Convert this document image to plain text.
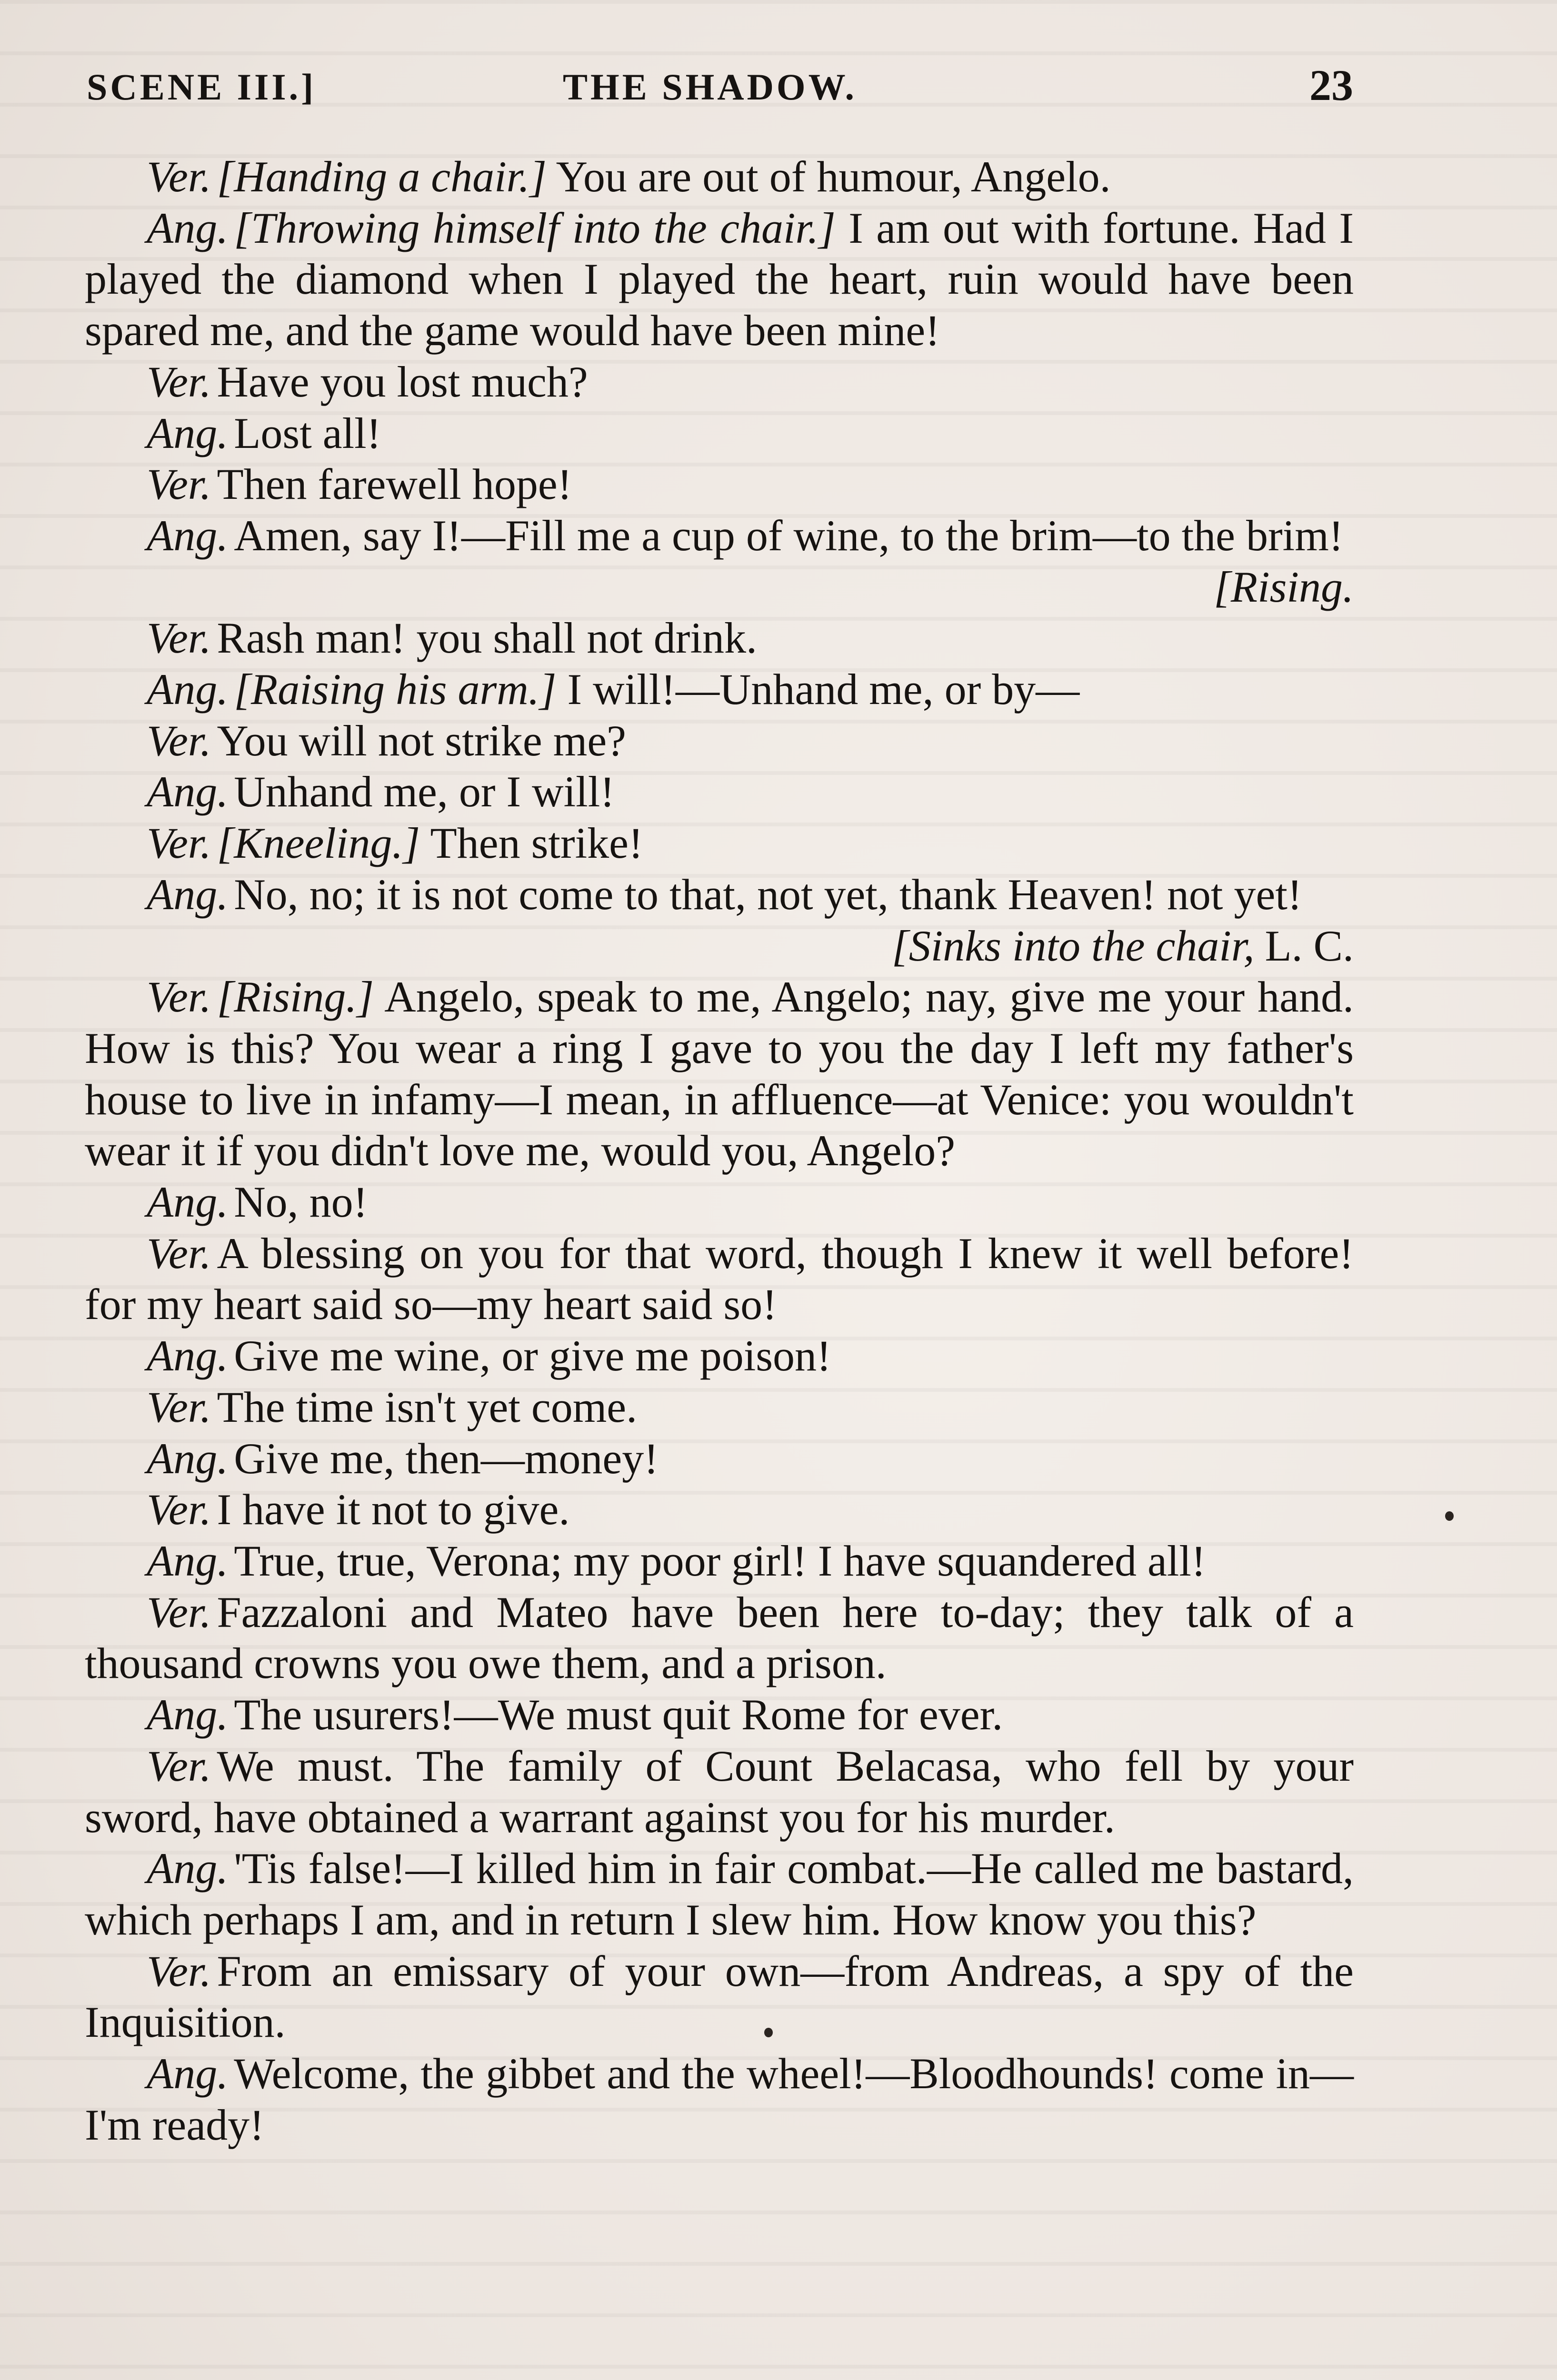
SCENE III.]	THE SHADOW.	23

Ver. [Handing a chair.] You are out of humour, Angelo.

Ang. [Throwing himself into the chair.] I am out with fortune. Had I played the diamond when I played the heart, ruin would have been spared me, and the game would have been mine!

Ver. Have you lost much?

Ang. Lost all!

Ver. Then farewell hope!

Ang. Amen, say I!—Fill me a cup of wine, to the brim—to the brim!
[Rising.

Ver. Rash man! you shall not drink.

Ang. [Raising his arm.] I will!—Unhand me, or by—

Ver. You will not strike me?

Ang. Unhand me, or I will!

Ver. [Kneeling.] Then strike!

Ang. No, no; it is not come to that, not yet, thank Heaven! not yet!
[Sinks into the chair, L. C.

Ver. [Rising.] Angelo, speak to me, Angelo; nay, give me your hand. How is this? You wear a ring I gave to you the day I left my father's house to live in infamy—I mean, in affluence—at Venice: you wouldn't wear it if you didn't love me, would you, Angelo?

Ang. No, no!

Ver. A blessing on you for that word, though I knew it well before! for my heart said so—my heart said so!

Ang. Give me wine, or give me poison!

Ver. The time isn't yet come.

Ang. Give me, then—money!

Ver. I have it not to give.

Ang. True, true, Verona; my poor girl! I have squandered all!

Ver. Fazzaloni and Mateo have been here to-day; they talk of a thousand crowns you owe them, and a prison.

Ang. The usurers!—We must quit Rome for ever.

Ver. We must. The family of Count Belacasa, who fell by your sword, have obtained a warrant against you for his murder.

Ang. 'Tis false!—I killed him in fair combat.—He called me bastard, which perhaps I am, and in return I slew him. How know you this?

Ver. From an emissary of your own—from Andreas, a spy of the Inquisition.

Ang. Welcome, the gibbet and the wheel!—Bloodhounds! come in—I'm ready!
